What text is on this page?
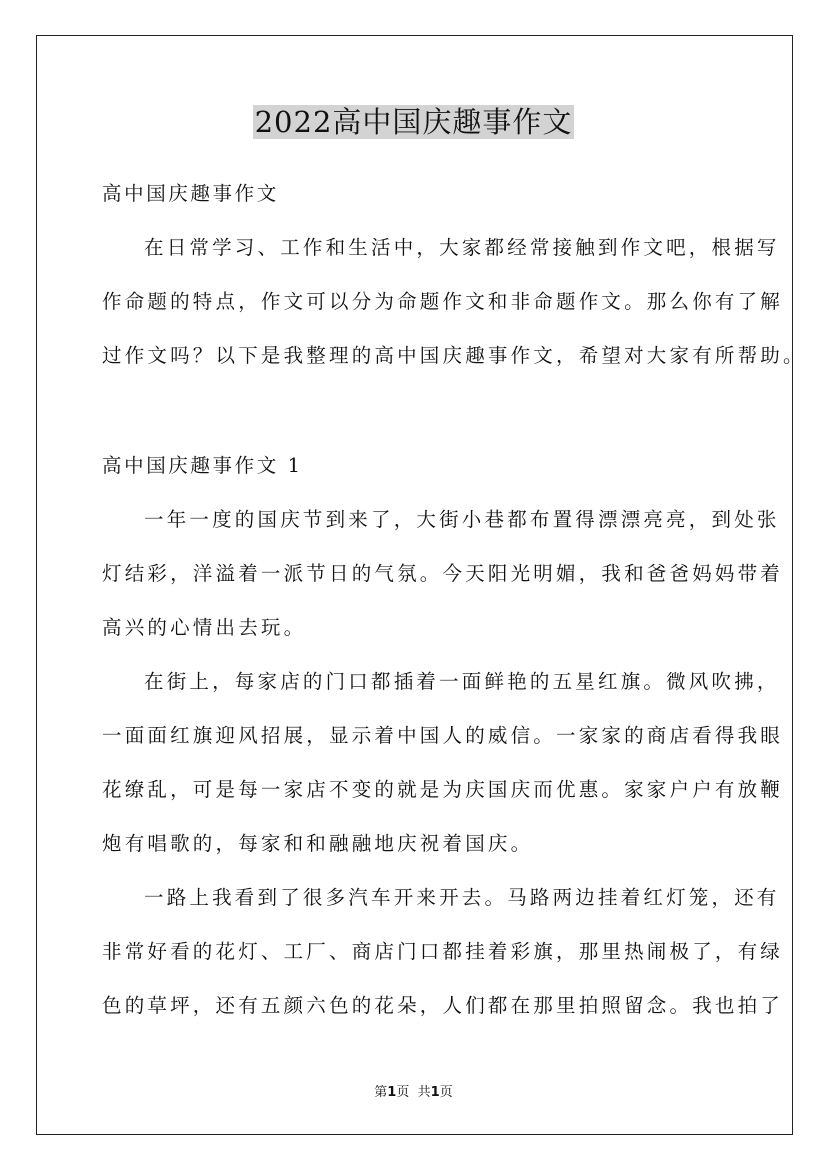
2022高中国庆趣事作文
高中国庆趣事作文
在日常学习、工作和生活中，大家都经常接触到作文吧，根据写
作命题的特点，作文可以分为命题作文和非命题作文。那么你有了解
过作文吗？以下是我整理的高中国庆趣事作文，希望对大家有所帮助。
高中国庆趣事作文 1
一年一度的国庆节到来了，大街小巷都布置得漂漂亮亮，到处张
灯结彩，洋溢着一派节日的气氛。今天阳光明媚，我和爸爸妈妈带着
高兴的心情出去玩。
在街上，每家店的门口都插着一面鲜艳的五星红旗。微风吹拂，
一面面红旗迎风招展，显示着中国人的威信。一家家的商店看得我眼
花缭乱，可是每一家店不变的就是为庆国庆而优惠。家家户户有放鞭
炮有唱歌的，每家和和融融地庆祝着国庆。
一路上我看到了很多汽车开来开去。马路两边挂着红灯笼，还有
非常好看的花灯、工厂、商店门口都挂着彩旗，那里热闹极了，有绿
色的草坪，还有五颜六色的花朵，人们都在那里拍照留念。我也拍了
第1页 共1页
